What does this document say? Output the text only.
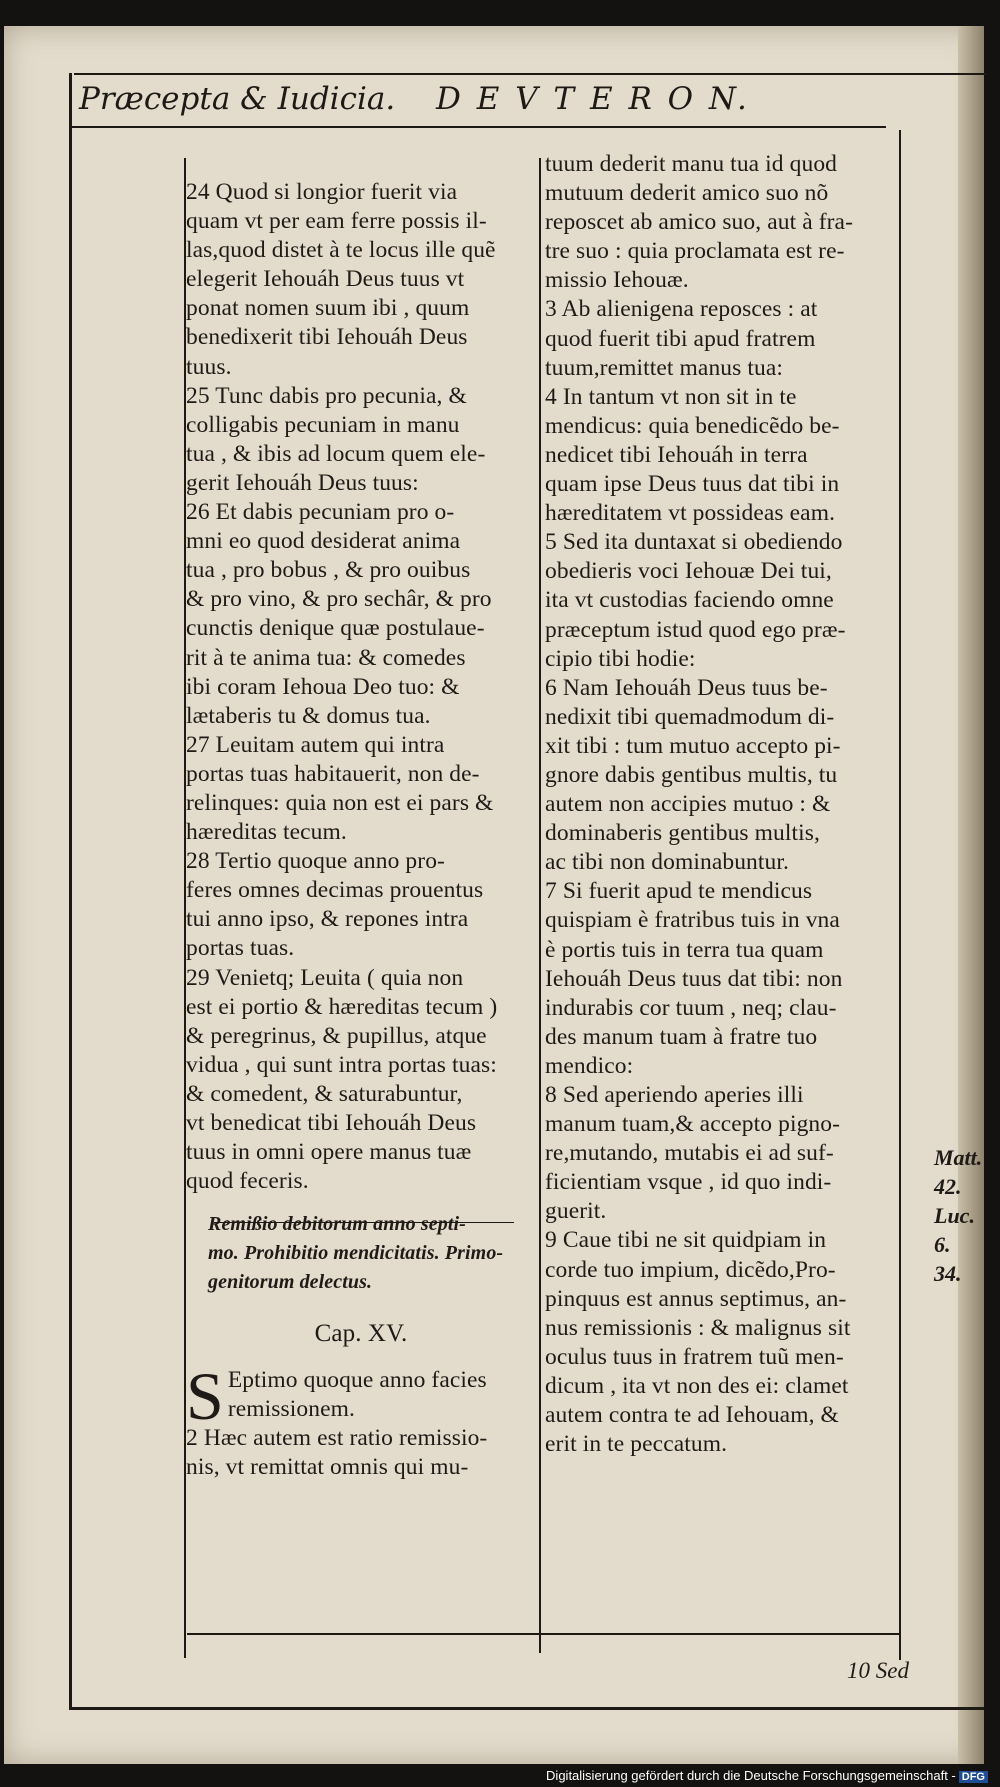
Præcepta & Iudicia. D E V T E R O N.

24 Quod si longior fuerit via

quam vt per eam ferre possis il-

las,quod distet à te locus ille quẽ

elegerit Iehouáh Deus tuus vt

ponat nomen suum ibi , quum

benedixerit tibi Iehouáh Deus

tuus.

25 Tunc dabis pro pecunia, &

colligabis pecuniam in manu

tua , & ibis ad locum quem ele-

gerit Iehouáh Deus tuus:

26 Et dabis pecuniam pro o-

mni eo quod desiderat anima

tua , pro bobus , & pro ouibus

& pro vino, & pro sechâr, & pro

cunctis denique quæ postulaue-

rit à te anima tua: & comedes

ibi coram Iehoua Deo tuo: &

lætaberis tu & domus tua.

27 Leuitam autem qui intra

portas tuas habitauerit, non de-

relinques: quia non est ei pars &

hæreditas tecum.

28 Tertio quoque anno pro-

feres omnes decimas prouentus

tui anno ipso, & repones intra

portas tuas.

29 Venietq; Leuita ( quia non

est ei portio & hæreditas tecum )

& peregrinus, & pupillus, atque

vidua , qui sunt intra portas tuas:

& comedent, & saturabuntur,

vt benedicat tibi Iehouáh Deus

tuus in omni opere manus tuæ

quod feceris.

Remißio debitorum anno septi-

mo. Prohibitio mendicitatis. Primo-

genitorum delectus.

Cap. XV.

S Eptimo quoque anno facies

remissionem.

2 Hæc autem est ratio remissio-

nis, vt remittat omnis qui mu-

tuum dederit manu tua id quod

mutuum dederit amico suo nõ

reposcet ab amico suo, aut à fra-

tre suo : quia proclamata est re-

missio Iehouæ.

3 Ab alienigena reposces : at

quod fuerit tibi apud fratrem

tuum,remittet manus tua:

4 In tantum vt non sit in te

mendicus: quia benedicẽdo be-

nedicet tibi Iehouáh in terra

quam ipse Deus tuus dat tibi in

hæreditatem vt possideas eam.

5 Sed ita duntaxat si obediendo

obedieris voci Iehouæ Dei tui,

ita vt custodias faciendo omne

præceptum istud quod ego præ-

cipio tibi hodie:

6 Nam Iehouáh Deus tuus be-

nedixit tibi quemadmodum di-

xit tibi : tum mutuo accepto pi-

gnore dabis gentibus multis, tu

autem non accipies mutuo : &

dominaberis gentibus multis,

ac tibi non dominabuntur.

7 Si fuerit apud te mendicus

quispiam è fratribus tuis in vna

è portis tuis in terra tua quam

Iehouáh Deus tuus dat tibi: non

indurabis cor tuum , neq; clau-

des manum tuam à fratre tuo

mendico:

8 Sed aperiendo aperies illi

manum tuam,& accepto pigno-

re,mutando, mutabis ei ad suf-

ficientiam vsque , id quo indi-

guerit.

9 Caue tibi ne sit quidpiam in

corde tuo impium, dicẽdo,Pro-

pinquus est annus septimus, an-

nus remissionis : & malignus sit

oculus tuus in fratrem tuũ men-

dicum , ita vt non des ei: clamet

autem contra te ad Iehouam, &

erit in te peccatum.

10 Sed
Matt.
42.
Luc. 6.
34.
Digitalisierung gefördert durch die Deutsche Forschungsgemeinschaft - DFG
